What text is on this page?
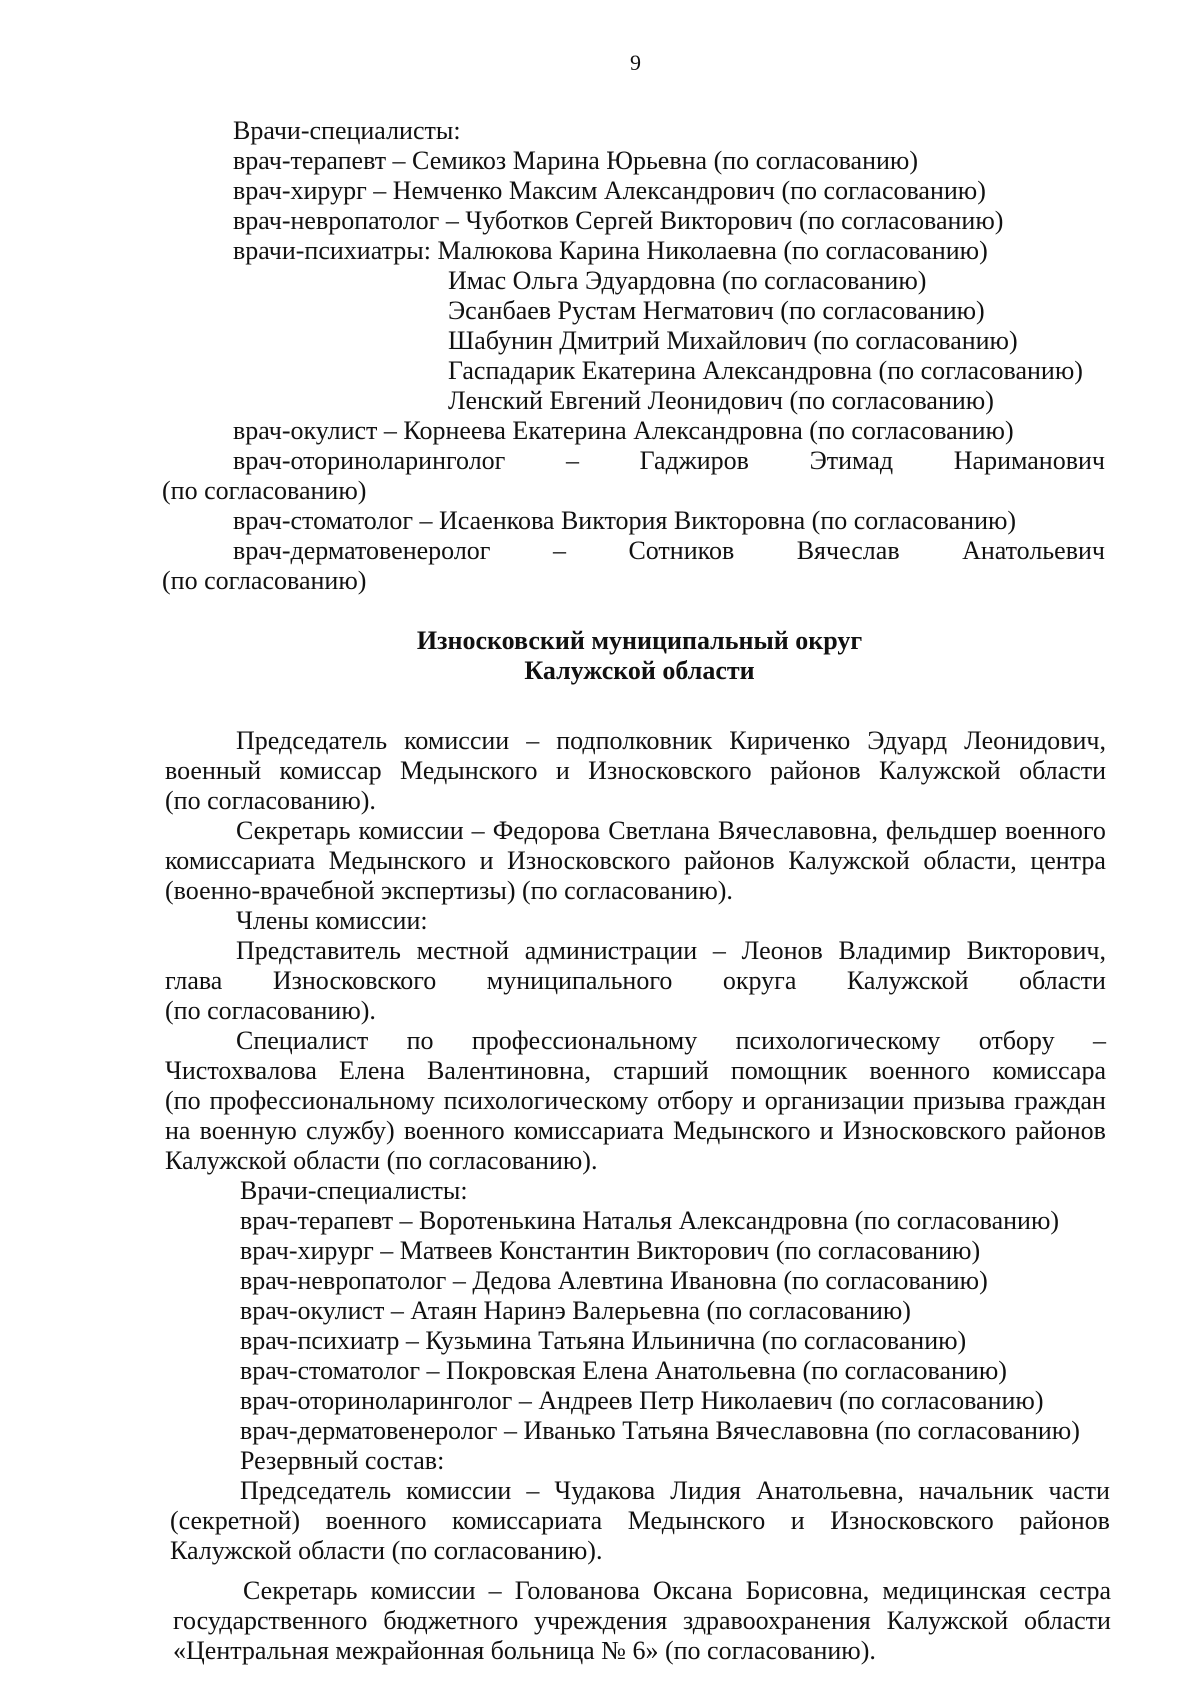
9
Врачи-специалисты:
врач-терапевт – Семикоз Марина Юрьевна (по согласованию)
врач-хирург – Немченко Максим Александрович (по согласованию)
врач-невропатолог – Чуботков Сергей Викторович (по согласованию)
врачи-психиатры: Малюкова Карина Николаевна (по согласованию)
Имас Ольга Эдуардовна (по согласованию)
Эсанбаев Рустам Негматович (по согласованию)
Шабунин Дмитрий Михайлович (по согласованию)
Гаспадарик Екатерина Александровна (по согласованию)
Ленский Евгений Леонидович (по согласованию)
врач-окулист – Корнеева Екатерина Александровна (по согласованию)
врач-оториноларинголог – Гаджиров Этимад Нариманович
(по согласованию)
врач-стоматолог – Исаенкова Виктория Викторовна (по согласованию)
врач-дерматовенеролог – Сотников Вячеслав Анатольевич
(по согласованию)
Износковский муниципальный округ
Калужской области
Председатель комиссии – подполковник Кириченко Эдуард Леонидович,
военный комиссар Медынского и Износковского районов Калужской области
(по согласованию).
Секретарь комиссии – Федорова Светлана Вячеславовна, фельдшер военного
комиссариата Медынского и Износковского районов Калужской области, центра
(военно-врачебной экспертизы) (по согласованию).
Члены комиссии:
Представитель местной администрации – Леонов Владимир Викторович,
глава Износковского муниципального округа Калужской области
(по согласованию).
Специалист по профессиональному психологическому отбору –
Чистохвалова Елена Валентиновна, старший помощник военного комиссара
(по профессиональному психологическому отбору и организации призыва граждан
на военную службу) военного комиссариата Медынского и Износковского районов
Калужской области (по согласованию).
Врачи-специалисты:
врач-терапевт – Воротенькина Наталья Александровна (по согласованию)
врач-хирург – Матвеев Константин Викторович (по согласованию)
врач-невропатолог – Дедова Алевтина Ивановна (по согласованию)
врач-окулист – Атаян Наринэ Валерьевна (по согласованию)
врач-психиатр – Кузьмина Татьяна Ильинична (по согласованию)
врач-стоматолог – Покровская Елена Анатольевна (по согласованию)
врач-оториноларинголог – Андреев Петр Николаевич (по согласованию)
врач-дерматовенеролог – Иванько Татьяна Вячеславовна (по согласованию)
Резервный состав:
Председатель комиссии – Чудакова Лидия Анатольевна, начальник части
(секретной) военного комиссариата Медынского и Износковского районов
Калужской области (по согласованию).
Секретарь комиссии – Голованова Оксана Борисовна, медицинская сестра
государственного бюджетного учреждения здравоохранения Калужской области
«Центральная межрайонная больница № 6» (по согласованию).
